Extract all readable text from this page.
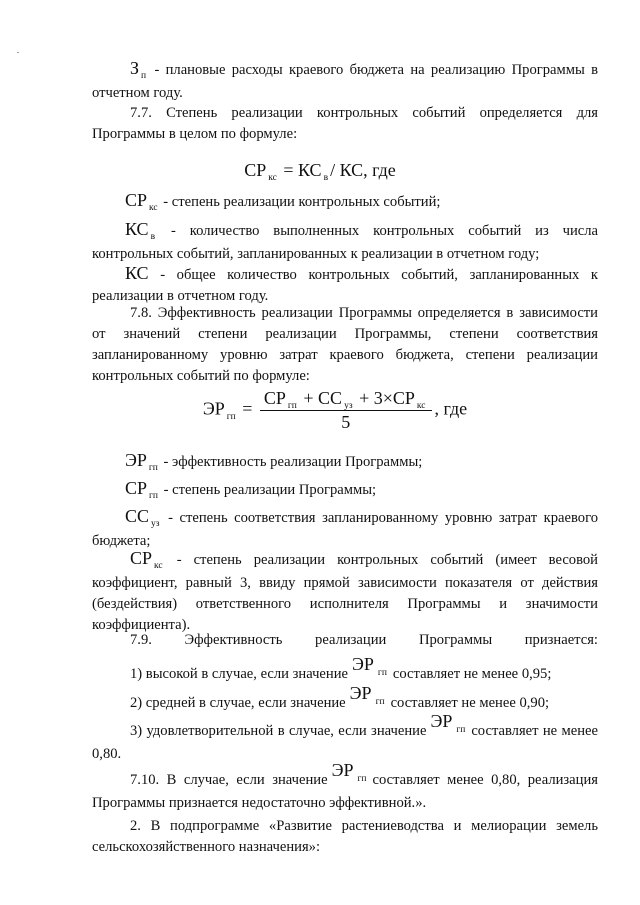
З $_п$ - плановые расходы краевого бюджета на реализацию Программы в отчетном году.
7.7. Степень реализации контрольных событий определяется для Программы в целом по формуле:
СР $_{кс}$ = КС $_в$ / КС, где
СР $_{кс}$ - степень реализации контрольных событий;
КС $_в$ - количество выполненных контрольных событий из числа контрольных событий, запланированных к реализации в отчетном году;
КС - общее количество контрольных событий, запланированных к реализации в отчетном году.
7.8. Эффективность реализации Программы определяется в зависимости от значений степени реализации Программы, степени соответствия запланированному уровню затрат краевого бюджета, степени реализации контрольных событий по формуле:
ЭР $_{гп} = \frac{СР _{гп} + СС _{уз} + 3\times СР _{кс}}{5}$ , где
ЭР $_{гп}$ - эффективность реализации Программы;
СР $_{гп}$ - степень реализации Программы;
СС $_{уз}$ - степень соответствия запланированному уровню затрат краевого бюджета;
СР $_{кс}$ - степень реализации контрольных событий (имеет весовой коэффициент, равный 3, ввиду прямой зависимости показателя от действия (бездействия) ответственного исполнителя Программы и значимости коэффициента).
7.9. Эффективность реализации Программы признается:
1) высокой в случае, если значение ЭР $^{гп}$ составляет не менее 0,95;
2) средней в случае, если значение ЭР $^{гп}$ составляет не менее 0,90;
3) удовлетворительной в случае, если значение ЭР $^{гп}$ составляет не менее 0,80.
7.10. В случае, если значение ЭР $^{гп}$ составляет менее 0,80, реализация Программы признается недостаточно эффективной.».
2. В подпрограмме «Развитие растениеводства и мелиорации земель сельскохозяйственного назначения»:
